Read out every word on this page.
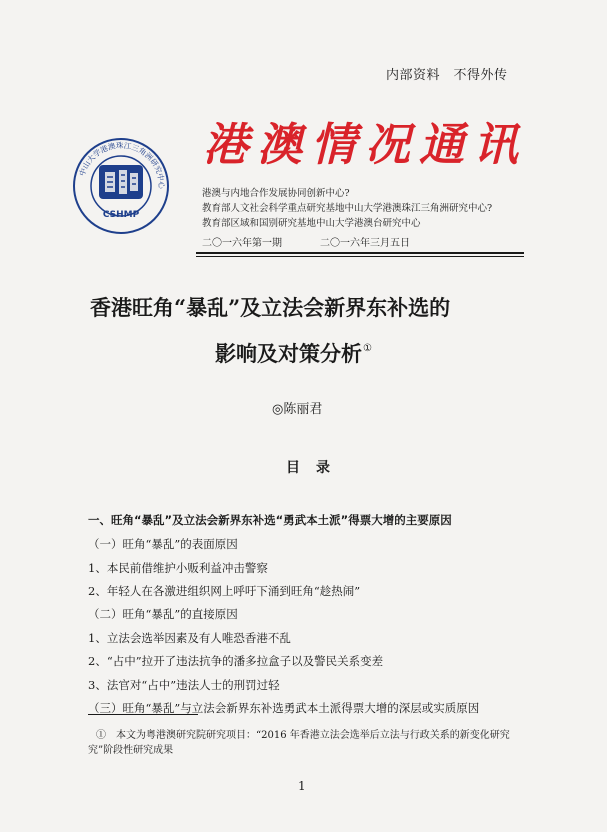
内部资料　不得外传
中山大学港澳珠江三角洲研究中心
CSHMP
港澳情况通讯
港澳与内地合作发展协同创新中心?
教育部人文社会科学重点研究基地中山大学港澳珠江三角洲研究中心?
教育部区域和国别研究基地中山大学港澳台研究中心
二〇一六年第一期	二〇一六年三月五日
香港旺角“暴乱”及立法会新界东补选的
影响及对策分析①
◎陈丽君
目录
一、旺角“暴乱”及立法会新界东补选“勇武本土派”得票大增的主要原因
（一）旺角“暴乱”的表面原因
1、本民前借维护小贩利益冲击警察
2、年轻人在各激进组织网上呼吁下涌到旺角“趁热闹”
（二）旺角“暴乱”的直接原因
1、立法会选举因素及有人唯恐香港不乱
2、“占中”拉开了违法抗争的潘多拉盒子以及警民关系变差
3、法官对“占中”违法人士的刑罚过轻
（三）旺角“暴乱”与立法会新界东补选勇武本土派得票大增的深层或实质原因
①　本文为粤港澳研究院研究项目：“2016 年香港立法会选举后立法与行政关系的新变化研究
究”阶段性研究成果
1
